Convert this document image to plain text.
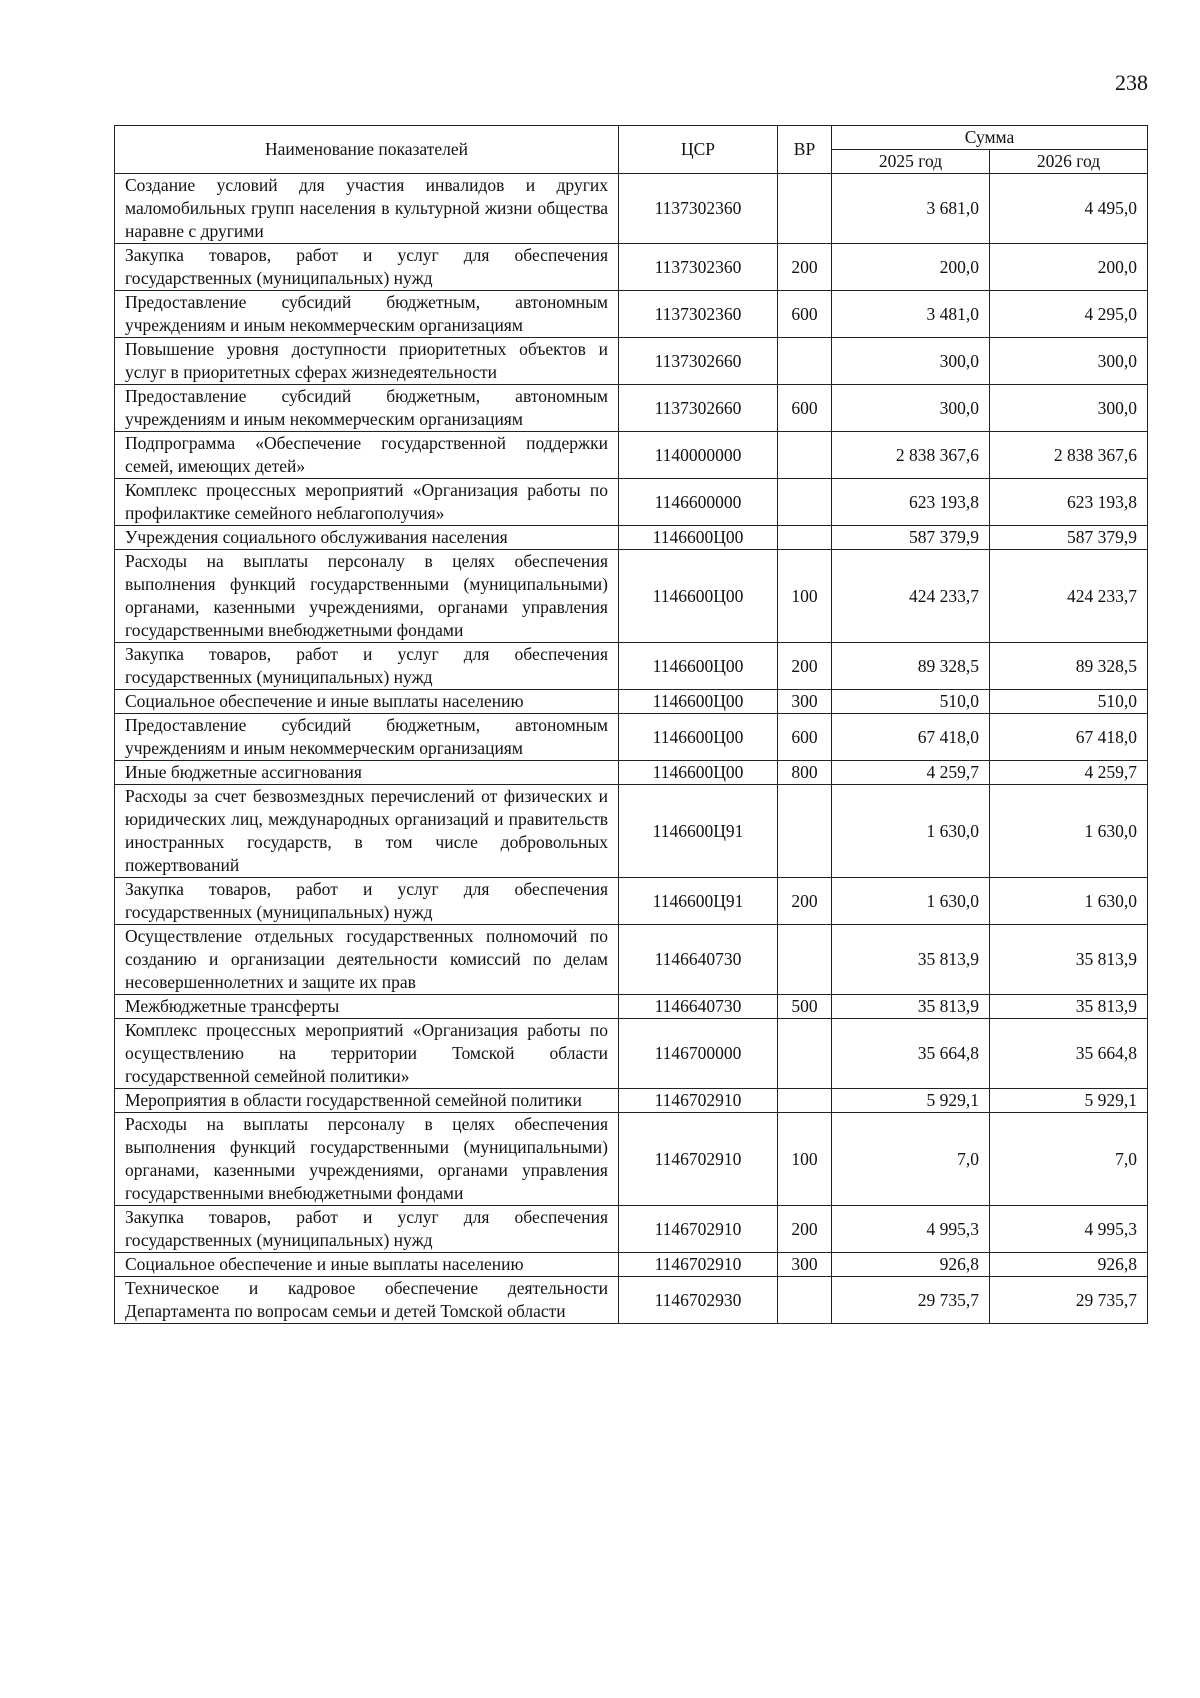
238
Наименование показателей	ЦСР	ВР	Сумма	
			2025 год	2026 год
Создание условий для участия инвалидов и других маломобильных групп населения в культурной жизни общества наравне с другими	1137302360		3 681,0	4 495,0
Закупка товаров, работ и услуг для обеспечения государственных (муниципальных) нужд	1137302360	200	200,0	200,0
Предоставление субсидий бюджетным, автономным учреждениям и иным некоммерческим организациям	1137302360	600	3 481,0	4 295,0
Повышение уровня доступности приоритетных объектов и услуг в приоритетных сферах жизнедеятельности	1137302660		300,0	300,0
Предоставление субсидий бюджетным, автономным учреждениям и иным некоммерческим организациям	1137302660	600	300,0	300,0
Подпрограмма «Обеспечение государственной поддержки семей, имеющих детей»	1140000000		2 838 367,6	2 838 367,6
Комплекс процессных мероприятий «Организация работы по профилактике семейного неблагополучия»	1146600000		623 193,8	623 193,8
Учреждения социального обслуживания населения	1146600Ц00		587 379,9	587 379,9
Расходы на выплаты персоналу в целях обеспечения выполнения функций государственными (муниципальными) органами, казенными учреждениями, органами управления государственными внебюджетными фондами	1146600Ц00	100	424 233,7	424 233,7
Закупка товаров, работ и услуг для обеспечения государственных (муниципальных) нужд	1146600Ц00	200	89 328,5	89 328,5
Социальное обеспечение и иные выплаты населению	1146600Ц00	300	510,0	510,0
Предоставление субсидий бюджетным, автономным учреждениям и иным некоммерческим организациям	1146600Ц00	600	67 418,0	67 418,0
Иные бюджетные ассигнования	1146600Ц00	800	4 259,7	4 259,7
Расходы за счет безвозмездных перечислений от физических и юридических лиц, международных организаций и правительств иностранных государств, в том числе добровольных пожертвований	1146600Ц91		1 630,0	1 630,0
Закупка товаров, работ и услуг для обеспечения государственных (муниципальных) нужд	1146600Ц91	200	1 630,0	1 630,0
Осуществление отдельных государственных полномочий по созданию и организации деятельности комиссий по делам несовершеннолетних и защите их прав	1146640730		35 813,9	35 813,9
Межбюджетные трансферты	1146640730	500	35 813,9	35 813,9
Комплекс процессных мероприятий «Организация работы по осуществлению на территории Томской области государственной семейной политики»	1146700000		35 664,8	35 664,8
Мероприятия в области государственной семейной политики	1146702910		5 929,1	5 929,1
Расходы на выплаты персоналу в целях обеспечения выполнения функций государственными (муниципальными) органами, казенными учреждениями, органами управления государственными внебюджетными фондами	1146702910	100	7,0	7,0
Закупка товаров, работ и услуг для обеспечения государственных (муниципальных) нужд	1146702910	200	4 995,3	4 995,3
Социальное обеспечение и иные выплаты населению	1146702910	300	926,8	926,8
Техническое и кадровое обеспечение деятельности Департамента по вопросам семьи и детей Томской области	1146702930		29 735,7	29 735,7
